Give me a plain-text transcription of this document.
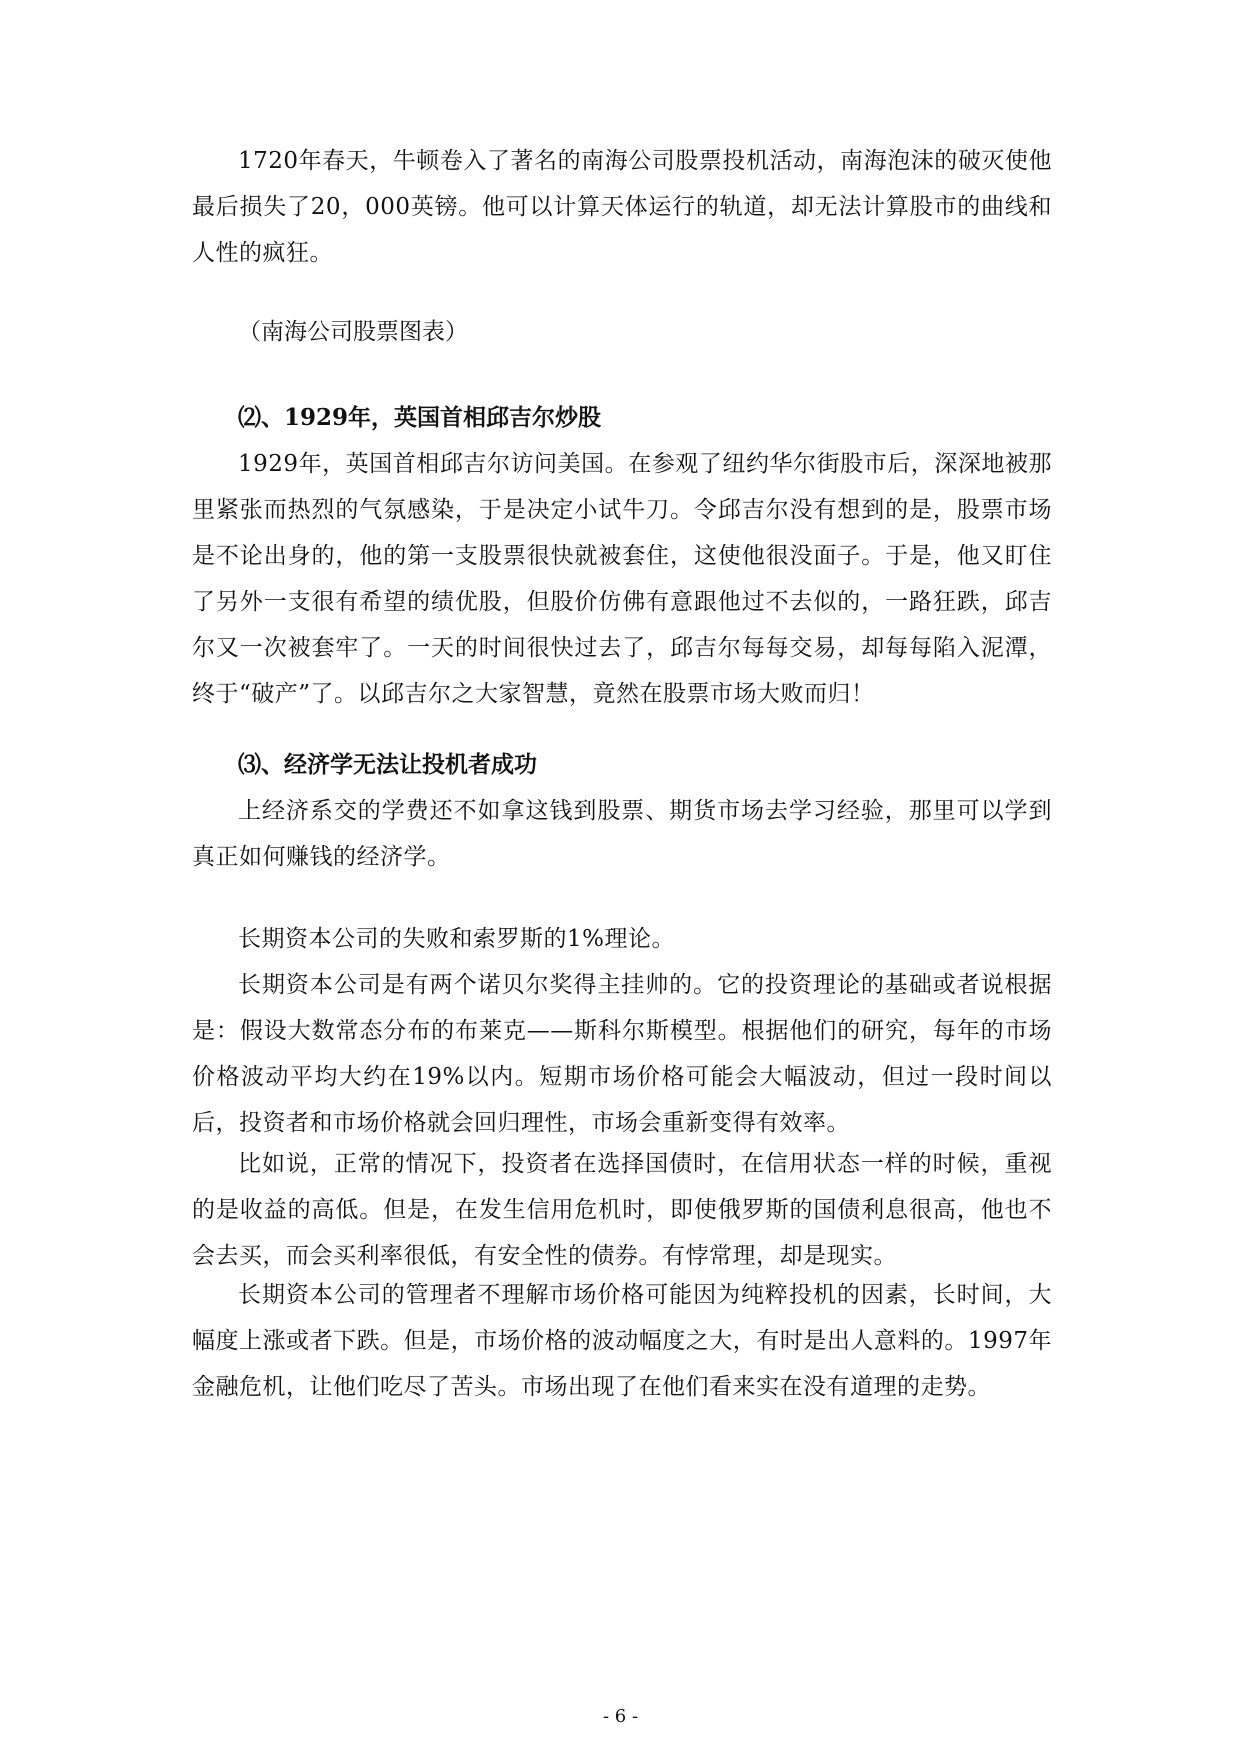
1720年春天，牛顿卷入了著名的南海公司股票投机活动，南海泡沫的破灭使他最后损失了20，000英镑。他可以计算天体运行的轨道，却无法计算股市的曲线和人性的疯狂。

（南海公司股票图表）

⑵、1929年，英国首相邱吉尔炒股

1929年，英国首相邱吉尔访问美国。在参观了纽约华尔街股市后，深深地被那里紧张而热烈的气氛感染，于是决定小试牛刀。令邱吉尔没有想到的是，股票市场是不论出身的，他的第一支股票很快就被套住，这使他很没面子。于是，他又盯住了另外一支很有希望的绩优股，但股价仿佛有意跟他过不去似的，一路狂跌，邱吉尔又一次被套牢了。一天的时间很快过去了，邱吉尔每每交易，却每每陷入泥潭，终于“破产”了。以邱吉尔之大家智慧，竟然在股票市场大败而归！

⑶、经济学无法让投机者成功

上经济系交的学费还不如拿这钱到股票、期货市场去学习经验，那里可以学到真正如何赚钱的经济学。

长期资本公司的失败和索罗斯的1%理论。

长期资本公司是有两个诺贝尔奖得主挂帅的。它的投资理论的基础或者说根据是：假设大数常态分布的布莱克——斯科尔斯模型。根据他们的研究，每年的市场价格波动平均大约在19%以内。短期市场价格可能会大幅波动，但过一段时间以后，投资者和市场价格就会回归理性，市场会重新变得有效率。

比如说，正常的情况下，投资者在选择国债时，在信用状态一样的时候，重视的是收益的高低。但是，在发生信用危机时，即使俄罗斯的国债利息很高，他也不会去买，而会买利率很低，有安全性的债券。有悖常理，却是现实。

长期资本公司的管理者不理解市场价格可能因为纯粹投机的因素，长时间，大幅度上涨或者下跌。但是，市场价格的波动幅度之大，有时是出人意料的。1997年金融危机，让他们吃尽了苦头。市场出现了在他们看来实在没有道理的走势。

- 6 -
